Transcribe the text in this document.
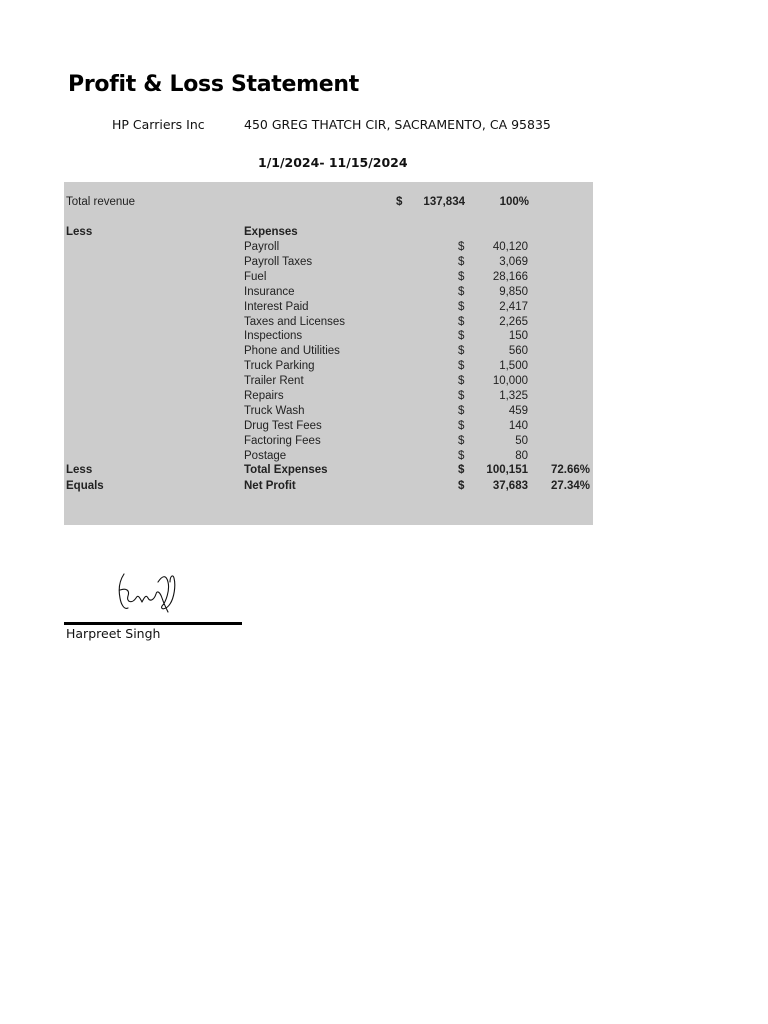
Profit & Loss Statement
HP Carriers Inc	450 GREG THATCH CIR, SACRAMENTO, CA 95835
1/1/2024- 11/15/2024
Total revenue	$	137,834	100%
Less	Expenses
Payroll	$	40,120
Payroll Taxes	$	3,069
Fuel	$	28,166
Insurance	$	9,850
Interest Paid	$	2,417
Taxes and Licenses	$	2,265
Inspections	$	150
Phone and Utilities	$	560
Truck Parking	$	1,500
Trailer Rent	$	10,000
Repairs	$	1,325
Truck Wash	$	459
Drug Test Fees	$	140
Factoring Fees	$	50
Postage	$	80
Less	Total Expenses	$	100,151	72.66%
Equals	Net Profit	$	37,683	27.34%
Harpreet Singh
